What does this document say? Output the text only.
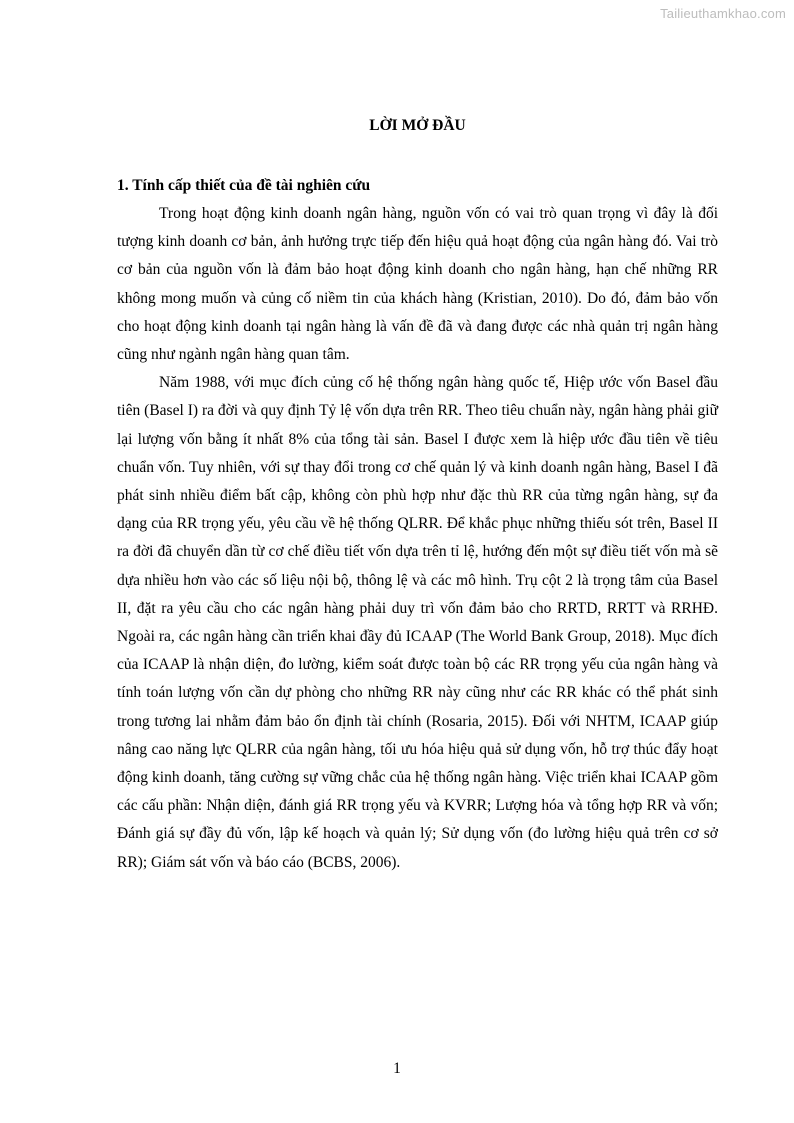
Tailieuthamkhao.com
LỜI MỞ ĐẦU
1. Tính cấp thiết của đề tài nghiên cứu

Trong hoạt động kinh doanh ngân hàng, nguồn vốn có vai trò quan trọng vì đây là đối tượng kinh doanh cơ bản, ảnh hưởng trực tiếp đến hiệu quả hoạt động của ngân hàng đó. Vai trò cơ bản của nguồn vốn là đảm bảo hoạt động kinh doanh cho ngân hàng, hạn chế những RR không mong muốn và củng cố niềm tin của khách hàng (Kristian, 2010). Do đó, đảm bảo vốn cho hoạt động kinh doanh tại ngân hàng là vấn đề đã và đang được các nhà quản trị ngân hàng cũng như ngành ngân hàng quan tâm.

Năm 1988, với mục đích củng cố hệ thống ngân hàng quốc tế, Hiệp ước vốn Basel đầu tiên (Basel I) ra đời và quy định Tỷ lệ vốn dựa trên RR. Theo tiêu chuẩn này, ngân hàng phải giữ lại lượng vốn bằng ít nhất 8% của tổng tài sản. Basel I được xem là hiệp ước đầu tiên về tiêu chuẩn vốn. Tuy nhiên, với sự thay đổi trong cơ chế quản lý và kinh doanh ngân hàng, Basel I đã phát sinh nhiều điểm bất cập, không còn phù hợp như đặc thù RR của từng ngân hàng, sự đa dạng của RR trọng yếu, yêu cầu về hệ thống QLRR. Để khắc phục những thiếu sót trên, Basel II ra đời đã chuyển dần từ cơ chế điều tiết vốn dựa trên tỉ lệ, hướng đến một sự điều tiết vốn mà sẽ dựa nhiều hơn vào các số liệu nội bộ, thông lệ và các mô hình. Trụ cột 2 là trọng tâm của Basel II, đặt ra yêu cầu cho các ngân hàng phải duy trì vốn đảm bảo cho RRTD, RRTT và RRHĐ. Ngoài ra, các ngân hàng cần triển khai đầy đủ ICAAP (The World Bank Group, 2018). Mục đích của ICAAP là nhận diện, đo lường, kiểm soát được toàn bộ các RR trọng yếu của ngân hàng và tính toán lượng vốn cần dự phòng cho những RR này cũng như các RR khác có thể phát sinh trong tương lai nhằm đảm bảo ổn định tài chính (Rosaria, 2015). Đối với NHTM, ICAAP giúp nâng cao năng lực QLRR của ngân hàng, tối ưu hóa hiệu quả sử dụng vốn, hỗ trợ thúc đẩy hoạt động kinh doanh, tăng cường sự vững chắc của hệ thống ngân hàng. Việc triển khai ICAAP gồm các cấu phần: Nhận diện, đánh giá RR trọng yếu và KVRR; Lượng hóa và tổng hợp RR và vốn; Đánh giá sự đầy đủ vốn, lập kế hoạch và quản lý; Sử dụng vốn (đo lường hiệu quả trên cơ sở RR); Giám sát vốn và báo cáo (BCBS, 2006).

1
